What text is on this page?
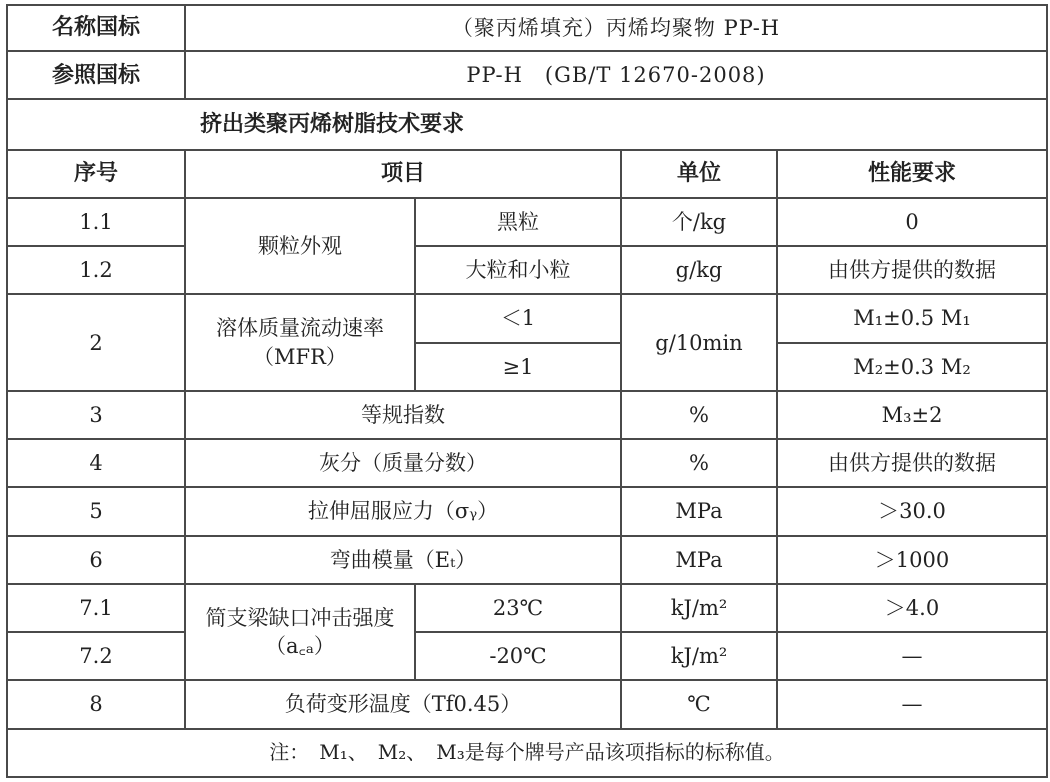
名称国标	（聚丙烯填充）丙烯均聚物 PP-H			
参照国标	PP-H　(GB/T 12670-2008)			
挤出类聚丙烯树脂技术要求				
序号	项目		单位	性能要求
1.1	颗粒外观	黑粒	个/kg	0
1.2		大粒和小粒	g/kg	由供方提供的数据
2	溶体质量流动速率（MFR）	＜1	g/10min	M₁±0.5 M₁
		≥1		M₂±0.3 M₂
3	等规指数		%	M₃±2
4	灰分（质量分数）		%	由供方提供的数据
5	拉伸屈服应力（σᵧ）		MPa	＞30.0
6	弯曲模量（Eₜ）		MPa	＞1000
7.1	简支梁缺口冲击强度（a꜀ₐ）	23℃	kJ/m²	＞4.0
7.2		-20℃	kJ/m²	—
8	负荷变形温度（Tf0.45）		℃	—
注：　M₁、　M₂、　M₃是每个牌号产品该项指标的标称值。				
